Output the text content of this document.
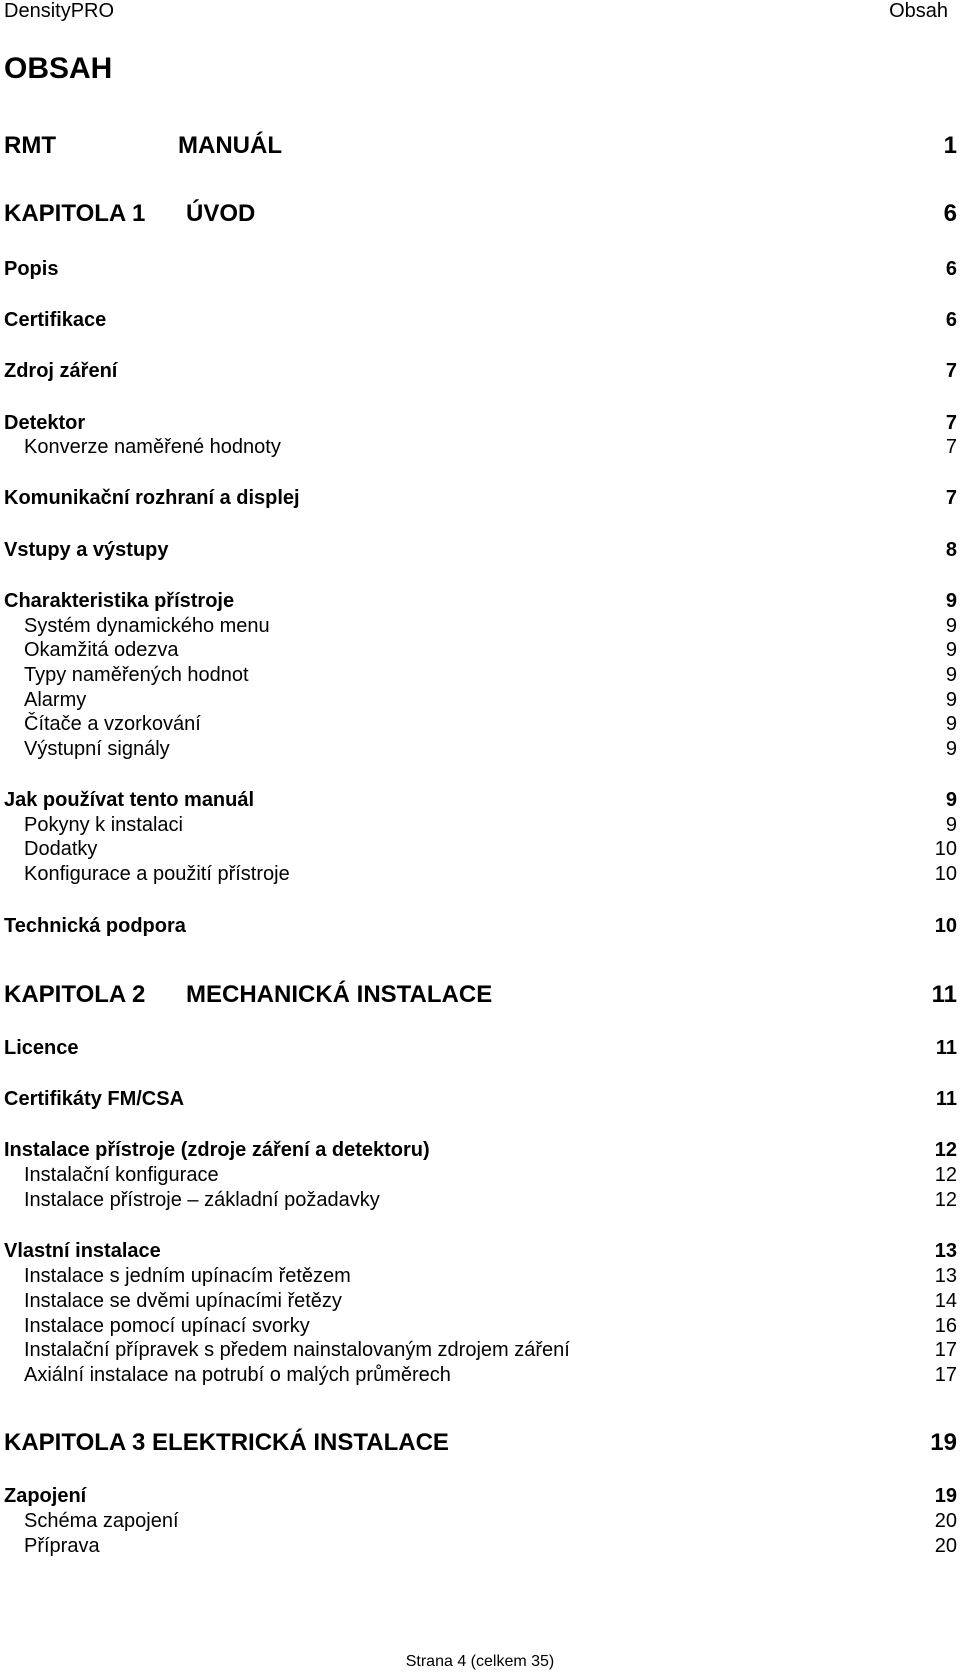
DensityPRO	Obsah
OBSAH
RMT	MANUÁL	1
KAPITOLA 1 ÚVOD	6
Popis	6
Certifikace	6
Zdroj záření	7
Detektor	7
Konverze naměřené hodnoty	7
Komunikační rozhraní a displej	7
Vstupy a výstupy	8
Charakteristika přístroje	9
Systém dynamického menu	9
Okamžitá odezva	9
Typy naměřených hodnot	9
Alarmy	9
Čítače a vzorkování	9
Výstupní signály	9
Jak používat tento manuál	9
Pokyny k instalaci	9
Dodatky	10
Konfigurace a použití přístroje	10
Technická podpora	10
KAPITOLA 2 MECHANICKÁ INSTALACE	11
Licence	11
Certifikáty FM/CSA	11
Instalace přístroje (zdroje záření a detektoru)	12
Instalační konfigurace	12
Instalace přístroje – základní požadavky	12
Vlastní instalace	13
Instalace s jedním upínacím řetězem	13
Instalace se dvěmi upínacími řetězy	14
Instalace pomocí upínací svorky	16
Instalační přípravek s předem nainstalovaným zdrojem záření	17
Axiální instalace na potrubí o malých průměrech	17
KAPITOLA 3 ELEKTRICKÁ INSTALACE	19
Zapojení	19
Schéma zapojení	20
Příprava	20
Strana 4 (celkem 35)
